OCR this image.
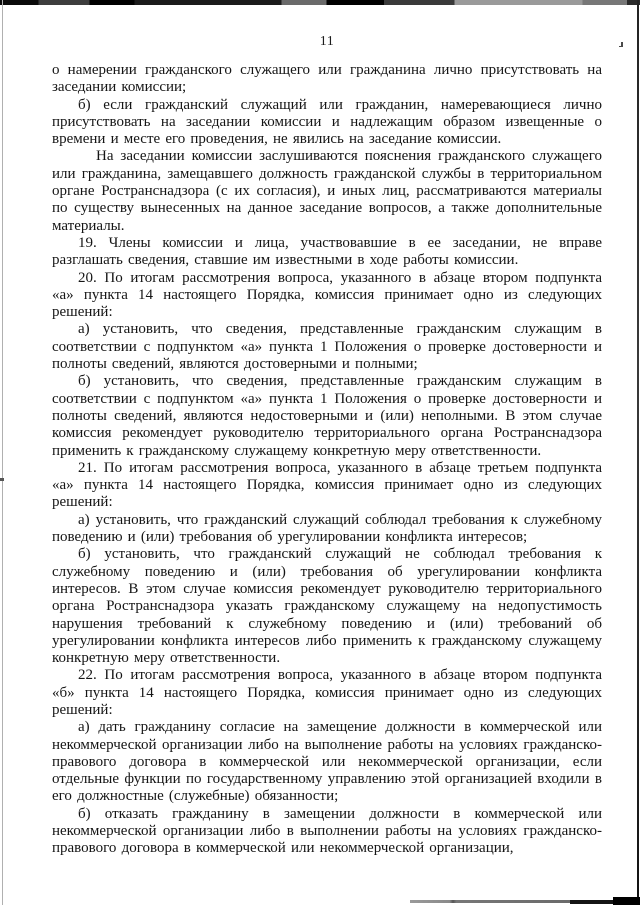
11

о намерении гражданского служащего или гражданина лично присутствовать на заседании комиссии;

б) если гражданский служащий или гражданин, намеревающиеся лично присутствовать на заседании комиссии и надлежащим образом извещенные о времени и месте его проведения, не явились на заседание комиссии.

На заседании комиссии заслушиваются пояснения гражданского служащего или гражданина, замещавшего должность гражданской службы в территориальном органе Ространснадзора (с их согласия), и иных лиц, рассматриваются материалы по существу вынесенных на данное заседание вопросов, а также дополнительные материалы.

19. Члены комиссии и лица, участвовавшие в ее заседании, не вправе разглашать сведения, ставшие им известными в ходе работы комиссии.

20. По итогам рассмотрения вопроса, указанного в абзаце втором подпункта «а» пункта 14 настоящего Порядка, комиссия принимает одно из следующих решений:

а) установить, что сведения, представленные гражданским служащим в соответствии с подпунктом «а» пункта 1 Положения о проверке достоверности и полноты сведений, являются достоверными и полными;

б) установить, что сведения, представленные гражданским служащим в соответствии с подпунктом «а» пункта 1 Положения о проверке достоверности и полноты сведений, являются недостоверными и (или) неполными. В этом случае комиссия рекомендует руководителю территориального органа Ространснадзора применить к гражданскому служащему конкретную меру ответственности.

21. По итогам рассмотрения вопроса, указанного в абзаце третьем подпункта «а» пункта 14 настоящего Порядка, комиссия принимает одно из следующих решений:

а) установить, что гражданский служащий соблюдал требования к служебному поведению и (или) требования об урегулировании конфликта интересов;

б) установить, что гражданский служащий не соблюдал требования к служебному поведению и (или) требования об урегулировании конфликта интересов. В этом случае комиссия рекомендует руководителю территориального органа Ространснадзора указать гражданскому служащему на недопустимость нарушения требований к служебному поведению и (или) требований об урегулировании конфликта интересов либо применить к гражданскому служащему конкретную меру ответственности.

22. По итогам рассмотрения вопроса, указанного в абзаце втором подпункта «б» пункта 14 настоящего Порядка, комиссия принимает одно из следующих решений:

а) дать гражданину согласие на замещение должности в коммерческой или некоммерческой организации либо на выполнение работы на условиях гражданско-правового договора в коммерческой или некоммерческой организации, если отдельные функции по государственному управлению этой организацией входили в его должностные (служебные) обязанности;

б) отказать гражданину в замещении должности в коммерческой или некоммерческой организации либо в выполнении работы на условиях гражданско-правового договора в коммерческой или некоммерческой организации,
